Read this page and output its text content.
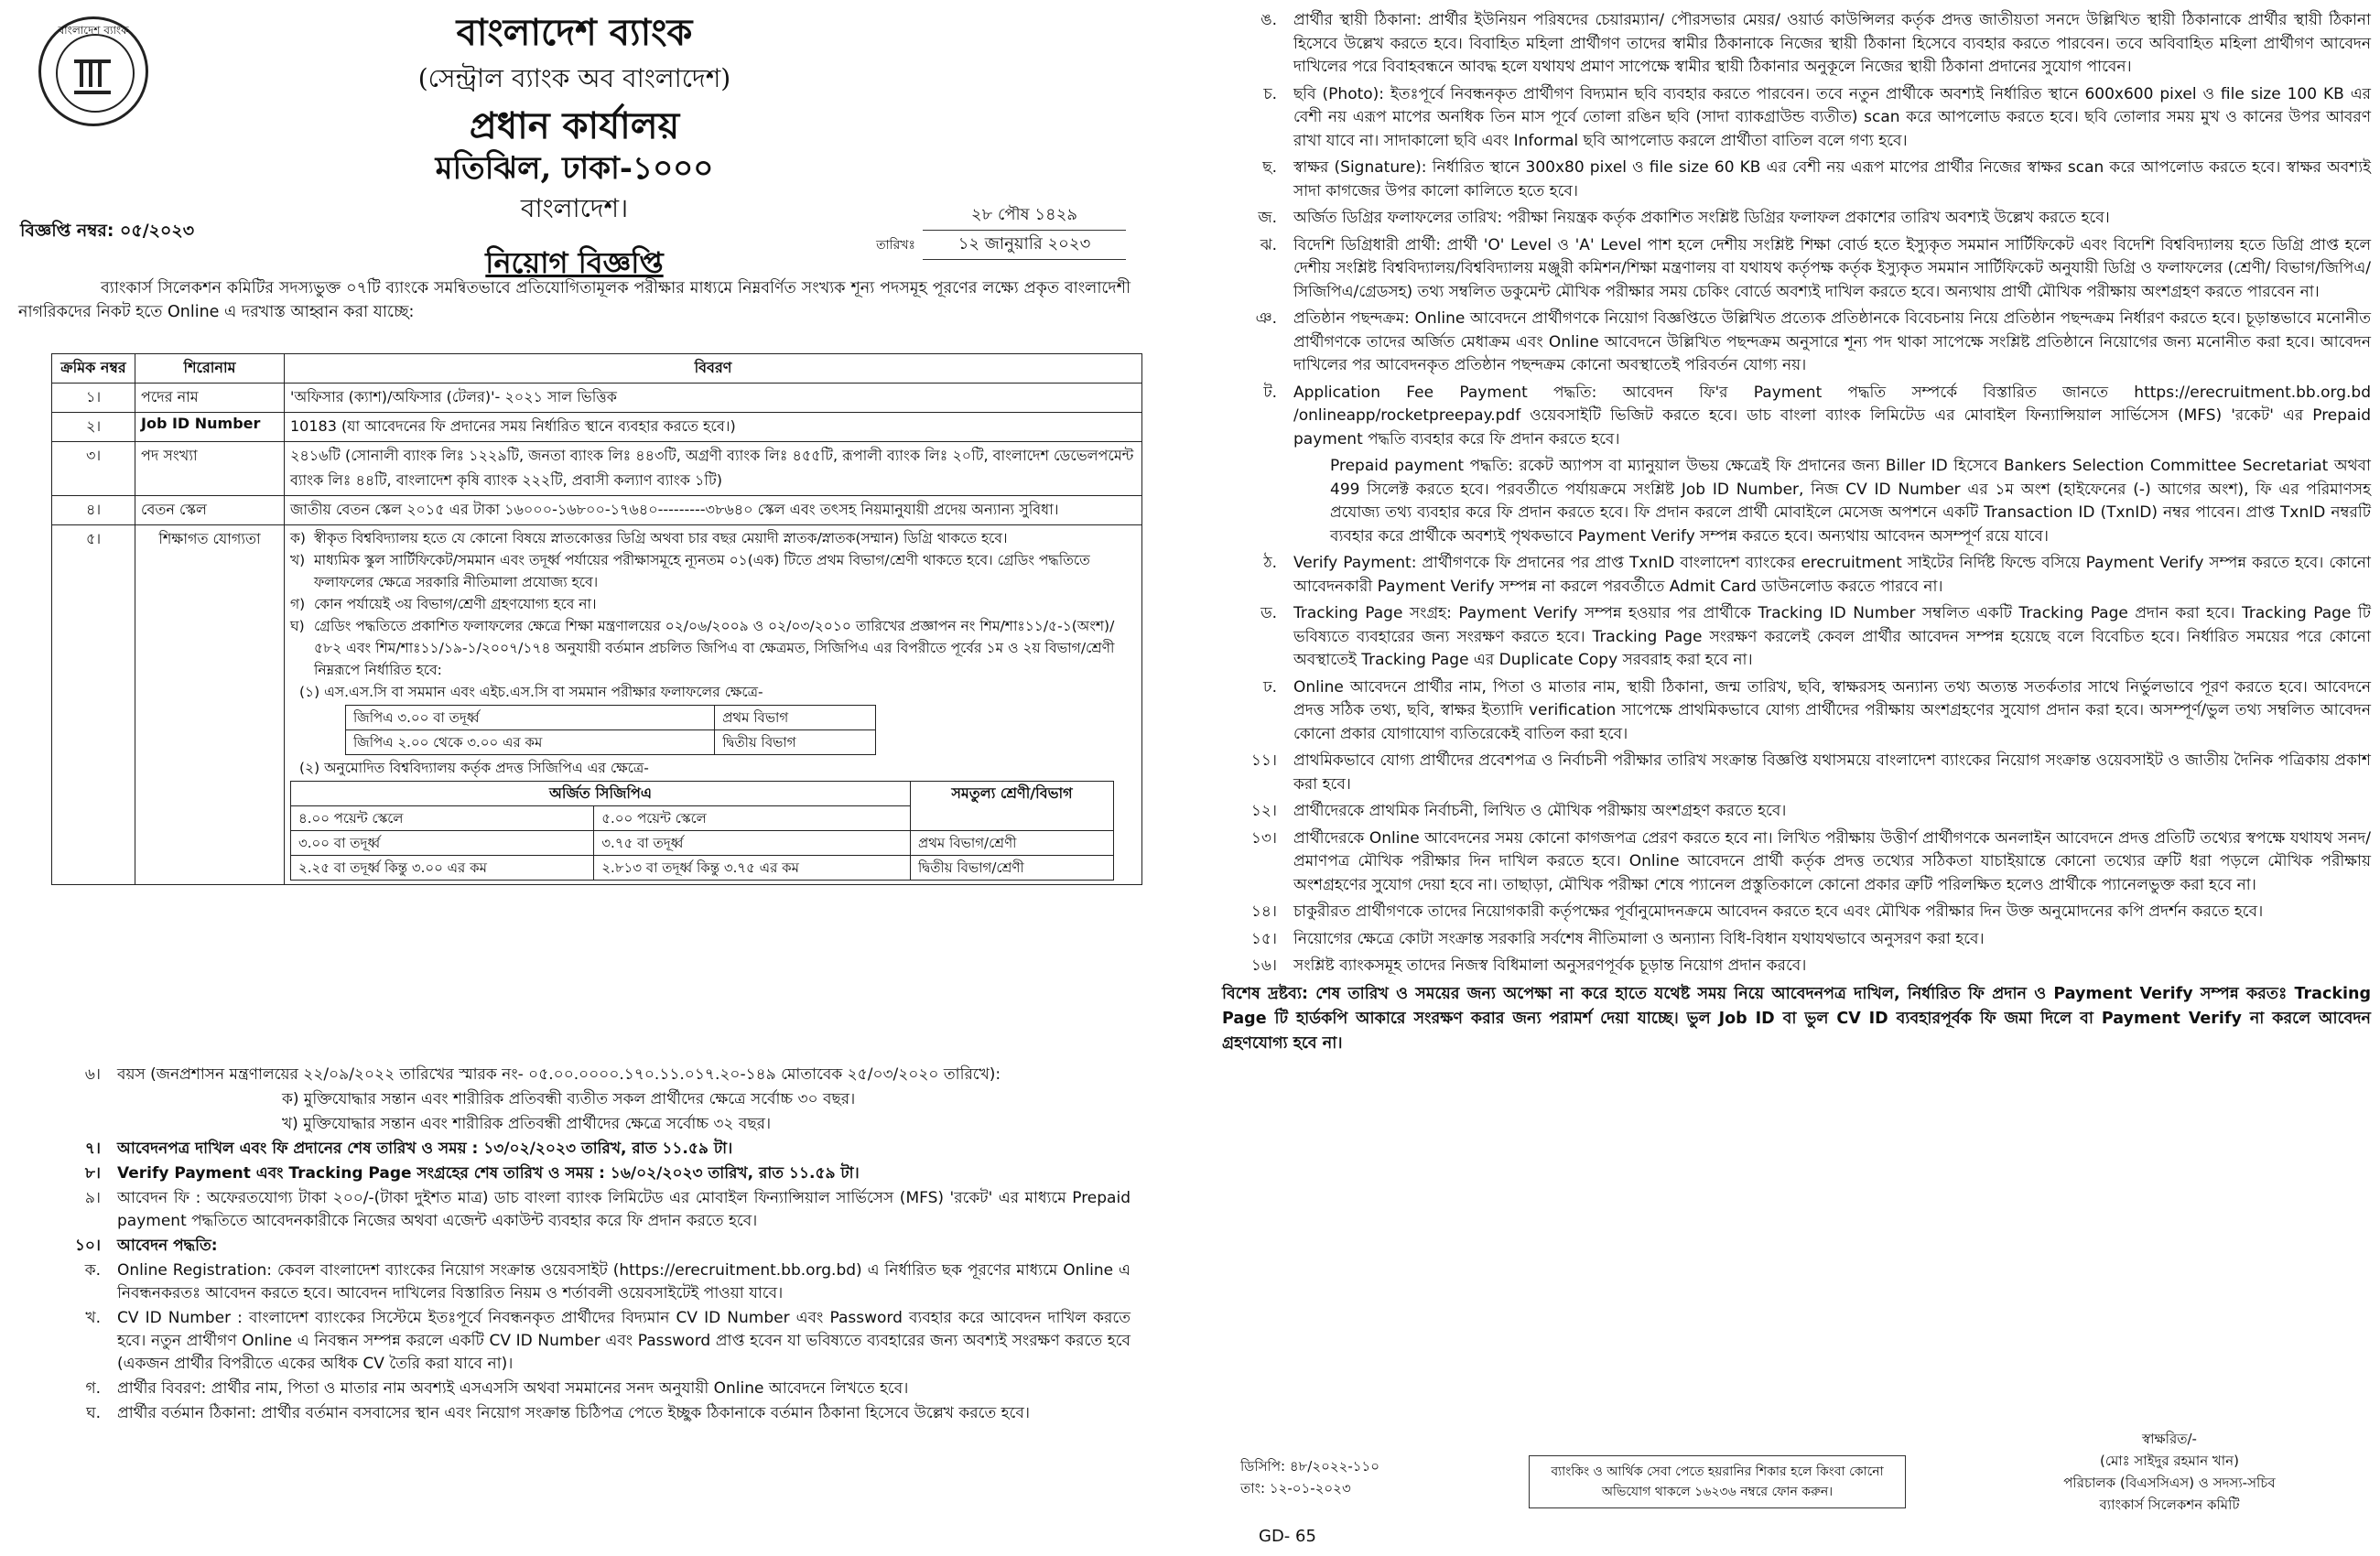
বাংলাদেশ ব্যাংক	বাংলাদেশ ব্যাংক
(সেন্ট্রাল ব্যাংক অব বাংলাদেশ)
প্রধান কার্যালয়
মতিঝিল, ঢাকা-১০০০
বাংলাদেশ।
বিজ্ঞপ্তি নম্বর: ০৫/২০২৩
২৮ পৌষ ১৪২৯
তারিখঃ	১২ জানুয়ারি ২০২৩
নিয়োগ বিজ্ঞপ্তি
ব্যাংকার্স সিলেকশন কমিটির সদস্যভুক্ত ০৭টি ব্যাংকে সমন্বিতভাবে প্রতিযোগিতামূলক পরীক্ষার মাধ্যমে নিম্নবর্ণিত সংখ্যক শূন্য পদসমূহ পূরণের লক্ষ্যে প্রকৃত বাংলাদেশী নাগরিকদের নিকট হতে Online এ দরখাস্ত আহ্বান করা যাচ্ছে:
ক্রমিক নম্বর	শিরোনাম	বিবরণ
১।	পদের নাম	'অফিসার (ক্যাশ)/অফিসার (টেলর)'- ২০২১ সাল ভিত্তিক
২।	Job ID Number	10183 (যা আবেদনের ফি প্রদানের সময় নির্ধারিত স্থানে ব্যবহার করতে হবে।)
৩।	পদ সংখ্যা	২৪১৬টি (সোনালী ব্যাংক লিঃ ১২২৯টি, জনতা ব্যাংক লিঃ ৪৪৩টি, অগ্রণী ব্যাংক লিঃ ৪৫৫টি, রূপালী ব্যাংক লিঃ ২০টি, বাংলাদেশ ডেভেলপমেন্ট ব্যাংক লিঃ ৪৪টি, বাংলাদেশ কৃষি ব্যাংক ২২২টি, প্রবাসী কল্যাণ ব্যাংক ১টি)
৪।	বেতন স্কেল	জাতীয় বেতন স্কেল ২০১৫ এর টাকা ১৬০০০-১৬৮০০-১৭৬৪০---------৩৮৬৪০ স্কেল এবং তৎসহ নিয়মানুযায়ী প্রদেয় অন্যান্য সুবিধা।
৫।	শিক্ষাগত যোগ্যতা	ক) স্বীকৃত বিশ্ববিদ্যালয় হতে যে কোনো বিষয়ে স্নাতকোত্তর ডিগ্রি অথবা চার বছর মেয়াদী স্নাতক/স্নাতক(সম্মান) ডিগ্রি থাকতে হবে।
খ) মাধ্যমিক স্কুল সার্টিফিকেট/সমমান এবং তদূর্ধ্ব পর্যায়ের পরীক্ষাসমূহে ন্যূনতম ০১(এক) টিতে প্রথম বিভাগ/শ্রেণী থাকতে হবে। গ্রেডিং পদ্ধতিতে ফলাফলের ক্ষেত্রে সরকারি নীতিমালা প্রযোজ্য হবে।
গ) কোন পর্যায়েই ৩য় বিভাগ/শ্রেণী গ্রহণযোগ্য হবে না।
ঘ) গ্রেডিং পদ্ধতিতে প্রকাশিত ফলাফলের ক্ষেত্রে শিক্ষা মন্ত্রণালয়ের ০২/০৬/২০০৯ ও ০২/০৩/২০১০ তারিখের প্রজ্ঞাপন নং শিম/শাঃ১১/৫-১(অংশ)/৫৮২ এবং শিম/শাঃ১১/১৯-১/২০০৭/১৭৪ অনুযায়ী বর্তমান প্রচলিত জিপিএ বা ক্ষেত্রমত, সিজিপিএ এর বিপরীতে পূর্বের ১ম ও ২য় বিভাগ/শ্রেণী নিম্নরূপে নির্ধারিত হবে:
(১) এস.এস.সি বা সমমান এবং এইচ.এস.সি বা সমমান পরীক্ষার ফলাফলের ক্ষেত্রে-
জিপিএ ৩.০০ বা তদূর্ধ্ব	প্রথম বিভাগ
জিপিএ ২.০০ থেকে ৩.০০ এর কম	দ্বিতীয় বিভাগ
(২) অনুমোদিত বিশ্ববিদ্যালয় কর্তৃক প্রদত্ত সিজিপিএ এর ক্ষেত্রে-
অর্জিত সিজিপিএ	সমতুল্য শ্রেণী/বিভাগ
৪.০০ পয়েন্ট স্কেলে	৫.০০ পয়েন্ট স্কেলে
৩.০০ বা তদূর্ধ্ব	৩.৭৫ বা তদূর্ধ্ব	প্রথম বিভাগ/শ্রেণী
২.২৫ বা তদূর্ধ্ব কিন্তু ৩.০০ এর কম	২.৮১৩ বা তদূর্ধ্ব কিন্তু ৩.৭৫ এর কম	দ্বিতীয় বিভাগ/শ্রেণী
৬।	বয়স (জনপ্রশাসন মন্ত্রণালয়ের ২২/০৯/২০২২ তারিখের স্মারক নং- ০৫.০০.০০০০.১৭০.১১.০১৭.২০-১৪৯ মোতাবেক ২৫/০৩/২০২০ তারিখে):
ক) মুক্তিযোদ্ধার সন্তান এবং শারীরিক প্রতিবন্ধী ব্যতীত সকল প্রার্থীদের ক্ষেত্রে সর্বোচ্চ ৩০ বছর।
খ) মুক্তিযোদ্ধার সন্তান এবং শারীরিক প্রতিবন্ধী প্রার্থীদের ক্ষেত্রে সর্বোচ্চ ৩২ বছর।
৭।	আবেদনপত্র দাখিল এবং ফি প্রদানের শেষ তারিখ ও সময় : ১৩/০২/২০২৩ তারিখ, রাত ১১.৫৯ টা।
৮।	Verify Payment এবং Tracking Page সংগ্রহের শেষ তারিখ ও সময় : ১৬/০২/২০২৩ তারিখ, রাত ১১.৫৯ টা।
৯।	আবেদন ফি : অফেরতযোগ্য টাকা ২০০/-(টাকা দুইশত মাত্র) ডাচ বাংলা ব্যাংক লিমিটেড এর মোবাইল ফিন্যান্সিয়াল সার্ভিসেস (MFS) 'রকেট' এর মাধ্যমে Prepaid payment পদ্ধতিতে আবেদনকারীকে নিজের অথবা এজেন্ট একাউন্ট ব্যবহার করে ফি প্রদান করতে হবে।
১০।	আবেদন পদ্ধতি:
ক.	Online Registration: কেবল বাংলাদেশ ব্যাংকের নিয়োগ সংক্রান্ত ওয়েবসাইট (https://erecruitment.bb.org.bd) এ নির্ধারিত ছক পূরণের মাধ্যমে Online এ নিবন্ধনকরতঃ আবেদন করতে হবে। আবেদন দাখিলের বিস্তারিত নিয়ম ও শর্তাবলী ওয়েবসাইটেই পাওয়া যাবে।
খ.	CV ID Number : বাংলাদেশ ব্যাংকের সিস্টেমে ইতঃপূর্বে নিবন্ধনকৃত প্রার্থীদের বিদ্যমান CV ID Number এবং Password ব্যবহার করে আবেদন দাখিল করতে হবে। নতুন প্রার্থীগণ Online এ নিবন্ধন সম্পন্ন করলে একটি CV ID Number এবং Password প্রাপ্ত হবেন যা ভবিষ্যতে ব্যবহারের জন্য অবশ্যই সংরক্ষণ করতে হবে (একজন প্রার্থীর বিপরীতে একের অধিক CV তৈরি করা যাবে না)।
গ.	প্রার্থীর বিবরণ: প্রার্থীর নাম, পিতা ও মাতার নাম অবশ্যই এসএসসি অথবা সমমানের সনদ অনুযায়ী Online আবেদনে লিখতে হবে।
ঘ.	প্রার্থীর বর্তমান ঠিকানা: প্রার্থীর বর্তমান বসবাসের স্থান এবং নিয়োগ সংক্রান্ত চিঠিপত্র পেতে ইচ্ছুক ঠিকানাকে বর্তমান ঠিকানা হিসেবে উল্লেখ করতে হবে।
ঙ.	প্রার্থীর স্থায়ী ঠিকানা: প্রার্থীর ইউনিয়ন পরিষদের চেয়ারম্যান/ পৌরসভার মেয়র/ ওয়ার্ড কাউন্সিলর কর্তৃক প্রদত্ত জাতীয়তা সনদে উল্লিখিত স্থায়ী ঠিকানাকে প্রার্থীর স্থায়ী ঠিকানা হিসেবে উল্লেখ করতে হবে। বিবাহিত মহিলা প্রার্থীগণ তাদের স্বামীর ঠিকানাকে নিজের স্থায়ী ঠিকানা হিসেবে ব্যবহার করতে পারবেন। তবে অবিবাহিত মহিলা প্রার্থীগণ আবেদন দাখিলের পরে বিবাহবন্ধনে আবদ্ধ হলে যথাযথ প্রমাণ সাপেক্ষে স্বামীর স্থায়ী ঠিকানার অনুকূলে নিজের স্থায়ী ঠিকানা প্রদানের সুযোগ পাবেন।
চ.	ছবি (Photo): ইতঃপূর্বে নিবন্ধনকৃত প্রার্থীগণ বিদ্যমান ছবি ব্যবহার করতে পারবেন। তবে নতুন প্রার্থীকে অবশ্যই নির্ধারিত স্থানে 600x600 pixel ও file size 100 KB এর বেশী নয় এরূপ মাপের অনধিক তিন মাস পূর্বে তোলা রঙিন ছবি (সাদা ব্যাকগ্রাউন্ড ব্যতীত) scan করে আপলোড করতে হবে। ছবি তোলার সময় মুখ ও কানের উপর আবরণ রাখা যাবে না। সাদাকালো ছবি এবং Informal ছবি আপলোড করলে প্রার্থীতা বাতিল বলে গণ্য হবে।
ছ.	স্বাক্ষর (Signature): নির্ধারিত স্থানে 300x80 pixel ও file size 60 KB এর বেশী নয় এরূপ মাপের প্রার্থীর নিজের স্বাক্ষর scan করে আপলোড করতে হবে। স্বাক্ষর অবশ্যই সাদা কাগজের উপর কালো কালিতে হতে হবে।
জ.	অর্জিত ডিগ্রির ফলাফলের তারিখ: পরীক্ষা নিয়ন্ত্রক কর্তৃক প্রকাশিত সংশ্লিষ্ট ডিগ্রির ফলাফল প্রকাশের তারিখ অবশ্যই উল্লেখ করতে হবে।
ঝ.	বিদেশি ডিগ্রিধারী প্রার্থী: প্রার্থী 'O' Level ও 'A' Level পাশ হলে দেশীয় সংশ্লিষ্ট শিক্ষা বোর্ড হতে ইস্যুকৃত সমমান সার্টিফিকেট এবং বিদেশি বিশ্ববিদ্যালয় হতে ডিগ্রি প্রাপ্ত হলে দেশীয় সংশ্লিষ্ট বিশ্ববিদ্যালয়/বিশ্ববিদ্যালয় মঞ্জুরী কমিশন/শিক্ষা মন্ত্রণালয় বা যথাযথ কর্তৃপক্ষ কর্তৃক ইস্যুকৃত সমমান সার্টিফিকেট অনুযায়ী ডিগ্রি ও ফলাফলের (শ্রেণী/ বিভাগ/জিপিএ/সিজিপিএ/গ্রেডসহ) তথ্য সম্বলিত ডকুমেন্ট মৌখিক পরীক্ষার সময় চেকিং বোর্ডে অবশ্যই দাখিল করতে হবে। অন্যথায় প্রার্থী মৌখিক পরীক্ষায় অংশগ্রহণ করতে পারবেন না।
ঞ.	প্রতিষ্ঠান পছন্দক্রম: Online আবেদনে প্রার্থীগণকে নিয়োগ বিজ্ঞপ্তিতে উল্লিখিত প্রত্যেক প্রতিষ্ঠানকে বিবেচনায় নিয়ে প্রতিষ্ঠান পছন্দক্রম নির্ধারণ করতে হবে। চূড়ান্তভাবে মনোনীত প্রার্থীগণকে তাদের অর্জিত মেধাক্রম এবং Online আবেদনে উল্লিখিত পছন্দক্রম অনুসারে শূন্য পদ থাকা সাপেক্ষে সংশ্লিষ্ট প্রতিষ্ঠানে নিয়োগের জন্য মনোনীত করা হবে। আবেদন দাখিলের পর আবেদনকৃত প্রতিষ্ঠান পছন্দক্রম কোনো অবস্থাতেই পরিবর্তন যোগ্য নয়।
ট.	Application Fee Payment পদ্ধতি: আবেদন ফি'র Payment পদ্ধতি সম্পর্কে বিস্তারিত জানতে https://erecruitment.bb.org.bd /onlineapp/rocketpreepay.pdf ওয়েবসাইটি ভিজিট করতে হবে। ডাচ বাংলা ব্যাংক লিমিটেড এর মোবাইল ফিন্যান্সিয়াল সার্ভিসেস (MFS) 'রকেট' এর Prepaid payment পদ্ধতি ব্যবহার করে ফি প্রদান করতে হবে।
Prepaid payment পদ্ধতি: রকেট অ্যাপস বা ম্যানুয়াল উভয় ক্ষেত্রেই ফি প্রদানের জন্য Biller ID হিসেবে Bankers Selection Committee Secretariat অথবা 499 সিলেক্ট করতে হবে। পরবর্তীতে পর্যায়ক্রমে সংশ্লিষ্ট Job ID Number, নিজ CV ID Number এর ১ম অংশ (হাইফেনের (-) আগের অংশ), ফি এর পরিমাণসহ প্রযোজ্য তথ্য ব্যবহার করে ফি প্রদান করতে হবে। ফি প্রদান করলে প্রার্থী মোবাইলে মেসেজ অপশনে একটি Transaction ID (TxnID) নম্বর পাবেন। প্রাপ্ত TxnID নম্বরটি ব্যবহার করে প্রার্থীকে অবশ্যই পৃথকভাবে Payment Verify সম্পন্ন করতে হবে। অন্যথায় আবেদন অসম্পূর্ণ রয়ে যাবে।
ঠ.	Verify Payment: প্রার্থীগণকে ফি প্রদানের পর প্রাপ্ত TxnID বাংলাদেশ ব্যাংকের erecruitment সাইটের নির্দিষ্ট ফিল্ডে বসিয়ে Payment Verify সম্পন্ন করতে হবে। কোনো আবেদনকারী Payment Verify সম্পন্ন না করলে পরবর্তীতে Admit Card ডাউনলোড করতে পারবে না।
ড.	Tracking Page সংগ্রহ: Payment Verify সম্পন্ন হওয়ার পর প্রার্থীকে Tracking ID Number সম্বলিত একটি Tracking Page প্রদান করা হবে। Tracking Page টি ভবিষ্যতে ব্যবহারের জন্য সংরক্ষণ করতে হবে। Tracking Page সংরক্ষণ করলেই কেবল প্রার্থীর আবেদন সম্পন্ন হয়েছে বলে বিবেচিত হবে। নির্ধারিত সময়ের পরে কোনো অবস্থাতেই Tracking Page এর Duplicate Copy সরবরাহ করা হবে না।
ঢ.	Online আবেদনে প্রার্থীর নাম, পিতা ও মাতার নাম, স্থায়ী ঠিকানা, জন্ম তারিখ, ছবি, স্বাক্ষরসহ অন্যান্য তথ্য অত্যন্ত সতর্কতার সাথে নির্ভুলভাবে পূরণ করতে হবে। আবেদনে প্রদত্ত সঠিক তথ্য, ছবি, স্বাক্ষর ইত্যাদি verification সাপেক্ষে প্রাথমিকভাবে যোগ্য প্রার্থীদের পরীক্ষায় অংশগ্রহণের সুযোগ প্রদান করা হবে। অসম্পূর্ণ/ভুল তথ্য সম্বলিত আবেদন কোনো প্রকার যোগাযোগ ব্যতিরেকেই বাতিল করা হবে।
১১।	প্রাথমিকভাবে যোগ্য প্রার্থীদের প্রবেশপত্র ও নির্বাচনী পরীক্ষার তারিখ সংক্রান্ত বিজ্ঞপ্তি যথাসময়ে বাংলাদেশ ব্যাংকের নিয়োগ সংক্রান্ত ওয়েবসাইট ও জাতীয় দৈনিক পত্রিকায় প্রকাশ করা হবে।
১২।	প্রার্থীদেরকে প্রাথমিক নির্বাচনী, লিখিত ও মৌখিক পরীক্ষায় অংশগ্রহণ করতে হবে।
১৩।	প্রার্থীদেরকে Online আবেদনের সময় কোনো কাগজপত্র প্রেরণ করতে হবে না। লিখিত পরীক্ষায় উত্তীর্ণ প্রার্থীগণকে অনলাইন আবেদনে প্রদত্ত প্রতিটি তথ্যের স্বপক্ষে যথাযথ সনদ/প্রমাণপত্র মৌখিক পরীক্ষার দিন দাখিল করতে হবে। Online আবেদনে প্রার্থী কর্তৃক প্রদত্ত তথ্যের সঠিকতা যাচাইয়ান্তে কোনো তথ্যের ত্রুটি ধরা পড়লে মৌখিক পরীক্ষায় অংশগ্রহণের সুযোগ দেয়া হবে না। তাছাড়া, মৌখিক পরীক্ষা শেষে প্যানেল প্রস্তুতিকালে কোনো প্রকার ত্রুটি পরিলক্ষিত হলেও প্রার্থীকে প্যানেলভুক্ত করা হবে না।
১৪।	চাকুরীরত প্রার্থীগণকে তাদের নিয়োগকারী কর্তৃপক্ষের পূর্বানুমোদনক্রমে আবেদন করতে হবে এবং মৌখিক পরীক্ষার দিন উক্ত অনুমোদনের কপি প্রদর্শন করতে হবে।
১৫।	নিয়োগের ক্ষেত্রে কোটা সংক্রান্ত সরকারি সর্বশেষ নীতিমালা ও অন্যান্য বিধি-বিধান যথাযথভাবে অনুসরণ করা হবে।
১৬।	সংশ্লিষ্ট ব্যাংকসমূহ তাদের নিজস্ব বিধিমালা অনুসরণপূর্বক চূড়ান্ত নিয়োগ প্রদান করবে।
বিশেষ দ্রষ্টব্য: শেষ তারিখ ও সময়ের জন্য অপেক্ষা না করে হাতে যথেষ্ট সময় নিয়ে আবেদনপত্র দাখিল, নির্ধারিত ফি প্রদান ও Payment Verify সম্পন্ন করতঃ Tracking Page টি হার্ডকপি আকারে সংরক্ষণ করার জন্য পরামর্শ দেয়া যাচ্ছে। ভুল Job ID বা ভুল CV ID ব্যবহারপূর্বক ফি জমা দিলে বা Payment Verify না করলে আবেদন গ্রহণযোগ্য হবে না।
ডিসিপি: ৪৮/২০২২-১১০
তাং: ১২-০১-২০২৩
ব্যাংকিং ও আর্থিক সেবা পেতে হয়রানির শিকার হলে কিংবা কোনো অভিযোগ থাকলে ১৬২৩৬ নম্বরে ফোন করুন।
GD- 65
স্বাক্ষরিত/-
(মোঃ সাইদুর রহমান খান)
পরিচালক (বিএসসিএস) ও সদস্য-সচিব
ব্যাংকার্স সিলেকশন কমিটি
